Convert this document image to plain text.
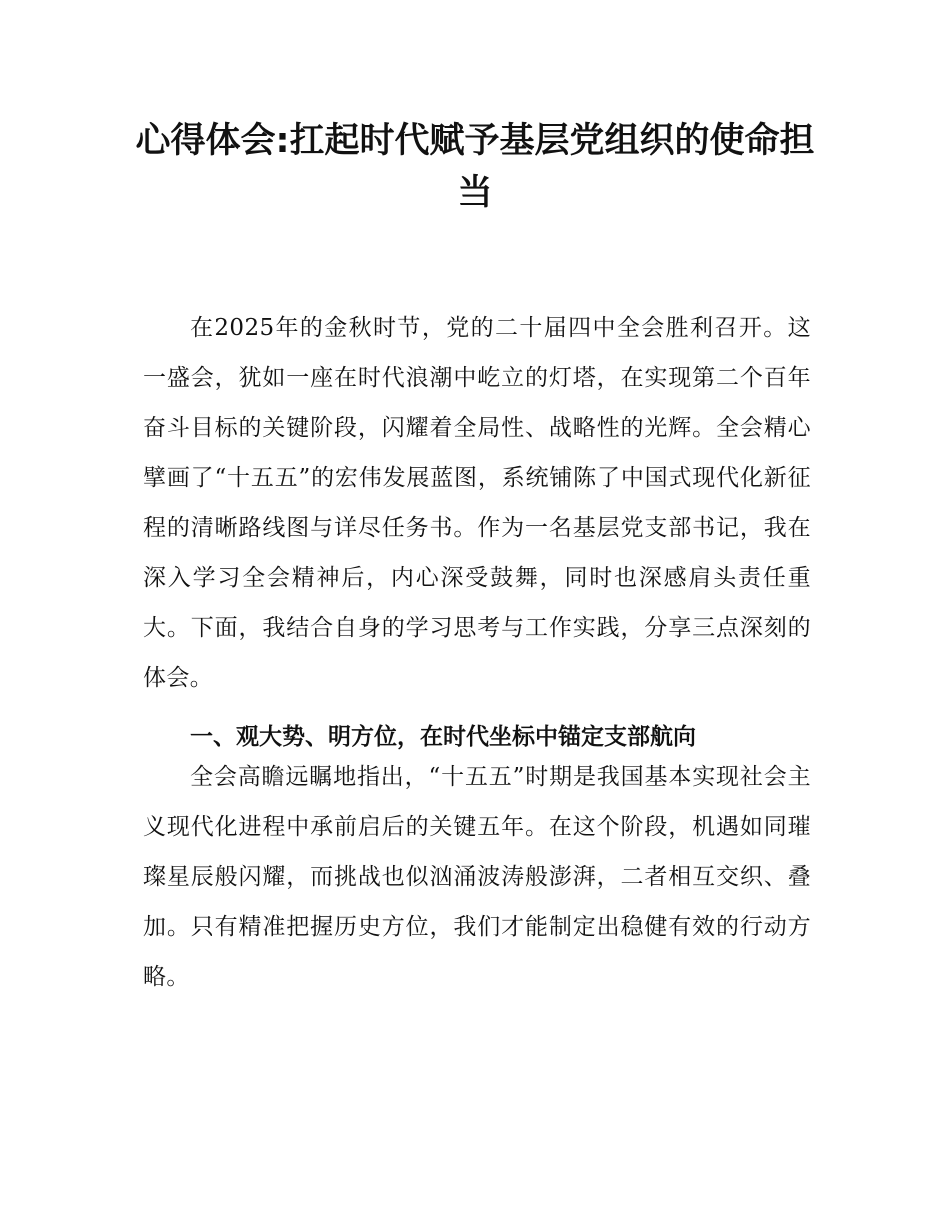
心得体会:扛起时代赋予基层党组织的使命担当

在2025年的金秋时节，党的二十届四中全会胜利召开。这一盛会，犹如一座在时代浪潮中屹立的灯塔，在实现第二个百年奋斗目标的关键阶段，闪耀着全局性、战略性的光辉。全会精心擘画了“十五五”的宏伟发展蓝图，系统铺陈了中国式现代化新征程的清晰路线图与详尽任务书。作为一名基层党支部书记，我在深入学习全会精神后，内心深受鼓舞，同时也深感肩头责任重大。下面，我结合自身的学习思考与工作实践，分享三点深刻的体会。

一、观大势、明方位，在时代坐标中锚定支部航向

全会高瞻远瞩地指出，“十五五”时期是我国基本实现社会主义现代化进程中承前启后的关键五年。在这个阶段，机遇如同璀璨星辰般闪耀，而挑战也似汹涌波涛般澎湃，二者相互交织、叠加。只有精准把握历史方位，我们才能制定出稳健有效的行动方略。
